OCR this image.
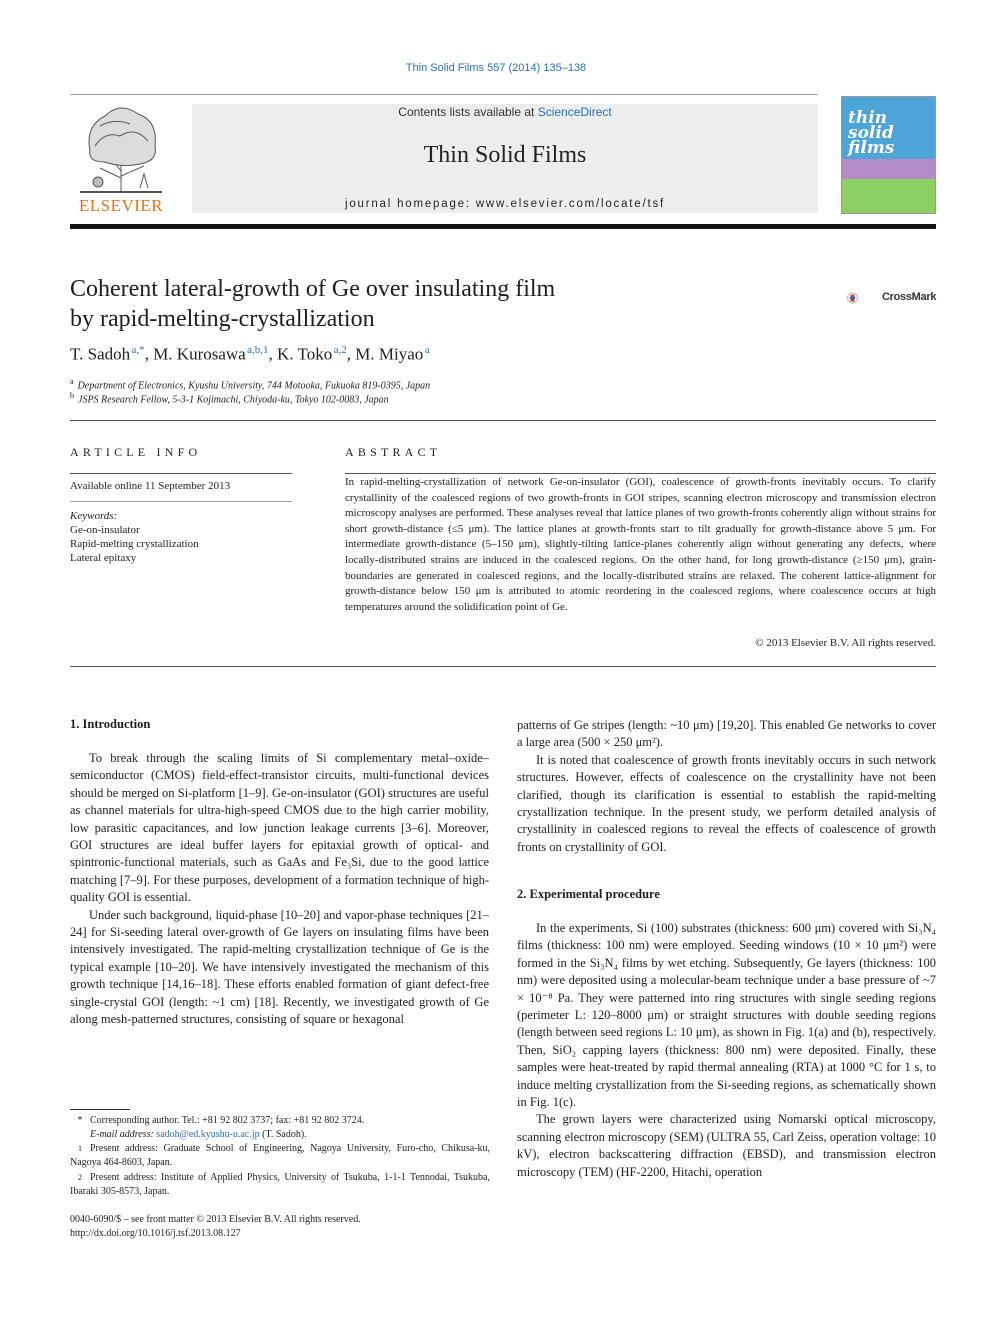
Thin Solid Films 557 (2014) 135–138
ELSEVIER
Contents lists available at ScienceDirect
Thin Solid Films
journal homepage: www.elsevier.com/locate/tsf
thin solid films
Coherent lateral-growth of Ge over insulating film
by rapid-melting-crystallization
CrossMark
T. Sadoh $^{a,*}$, M. Kurosawa $^{a,b,1}$, K. Toko $^{a,2}$, M. Miyao $^a$
$^a$ Department of Electronics, Kyushu University, 744 Motooka, Fukuoka 819-0395, Japan
$^b$ JSPS Research Fellow, 5-3-1 Kojimachi, Chiyoda-ku, Tokyo 102-0083, Japan
ARTICLE INFO
Available online 11 September 2013
Keywords:
Ge-on-insulator
Rapid-melting crystallization
Lateral epitaxy
ABSTRACT
In rapid-melting-crystallization of network Ge-on-insulator (GOI), coalescence of growth-fronts inevitably occurs. To clarify crystallinity of the coalesced regions of two growth-fronts in GOI stripes, scanning electron microscopy and transmission electron microscopy analyses are performed. These analyses reveal that lattice planes of two growth-fronts coherently align without strains for short growth-distance (≤5 μm). The lattice planes at growth-fronts start to tilt gradually for growth-distance above 5 μm. For intermediate growth-distance (5–150 μm), slightly-tilting lattice-planes coherently align without generating any defects, where locally-distributed strains are induced in the coalesced regions. On the other hand, for long growth-distance (≥150 μm), grain-boundaries are generated in coalesced regions, and the locally-distributed strains are relaxed. The coherent lattice-alignment for growth-distance below 150 μm is attributed to atomic reordering in the coalesced regions, where coalescence occurs at high temperatures around the solidification point of Ge.
© 2013 Elsevier B.V. All rights reserved.
1. Introduction

To break through the scaling limits of Si complementary metal–oxide–semiconductor (CMOS) field-effect-transistor circuits, multi-functional devices should be merged on Si-platform [1–9]. Ge-on-insulator (GOI) structures are useful as channel materials for ultra-high-speed CMOS due to the high carrier mobility, low parasitic capacitances, and low junction leakage currents [3–6]. Moreover, GOI structures are ideal buffer layers for epitaxial growth of optical- and spintronic-functional materials, such as GaAs and Fe₃Si, due to the good lattice matching [7–9]. For these purposes, development of a formation technique of high-quality GOI is essential.

Under such background, liquid-phase [10–20] and vapor-phase techniques [21–24] for Si-seeding lateral over-growth of Ge layers on insulating films have been intensively investigated. The rapid-melting crystallization technique of Ge is the typical example [10–20]. We have intensively investigated the mechanism of this growth technique [14,16–18]. These efforts enabled formation of giant defect-free single-crystal GOI (length: ~1 cm) [18]. Recently, we investigated growth of Ge along mesh-patterned structures, consisting of square or hexagonal

patterns of Ge stripes (length: ~10 μm) [19,20]. This enabled Ge networks to cover a large area (500 × 250 μm²).

It is noted that coalescence of growth fronts inevitably occurs in such network structures. However, effects of coalescence on the crystallinity have not been clarified, though its clarification is essential to establish the rapid-melting crystallization technique. In the present study, we perform detailed analysis of crystallinity in coalesced regions to reveal the effects of coalescence of growth fronts on crystallinity of GOI.

2. Experimental procedure

In the experiments, Si (100) substrates (thickness: 600 μm) covered with Si₃N₄ films (thickness: 100 nm) were employed. Seeding windows (10 × 10 μm²) were formed in the Si₃N₄ films by wet etching. Subsequently, Ge layers (thickness: 100 nm) were deposited using a molecular-beam technique under a base pressure of ~7 × 10⁻⁸ Pa. They were patterned into ring structures with single seeding regions (perimeter L: 120–8000 μm) or straight structures with double seeding regions (length between seed regions L: 10 μm), as shown in Fig. 1(a) and (b), respectively. Then, SiO₂ capping layers (thickness: 800 nm) were deposited. Finally, these samples were heat-treated by rapid thermal annealing (RTA) at 1000 °C for 1 s, to induce melting crystallization from the Si-seeding regions, as schematically shown in Fig. 1(c).

The grown layers were characterized using Nomarski optical microscopy, scanning electron microscopy (SEM) (ULTRA 55, Carl Zeiss, operation voltage: 10 kV), electron backscattering diffraction (EBSD), and transmission electron microscopy (TEM) (HF-2200, Hitachi, operation

* Corresponding author. Tel.: +81 92 802 3737; fax: +81 92 802 3724.
E-mail address: sadoh@ed.kyushu-u.ac.jp (T. Sadoh).
1 Present address: Graduate School of Engineering, Nagoya University, Furo-cho, Chikusa-ku, Nagoya 464-8603, Japan.
2 Present address: Institute of Applied Physics, University of Tsukuba, 1-1-1 Tennodai, Tsukuba, Ibaraki 305-8573, Japan.
0040-6090/$ – see front matter © 2013 Elsevier B.V. All rights reserved.
http://dx.doi.org/10.1016/j.tsf.2013.08.127
